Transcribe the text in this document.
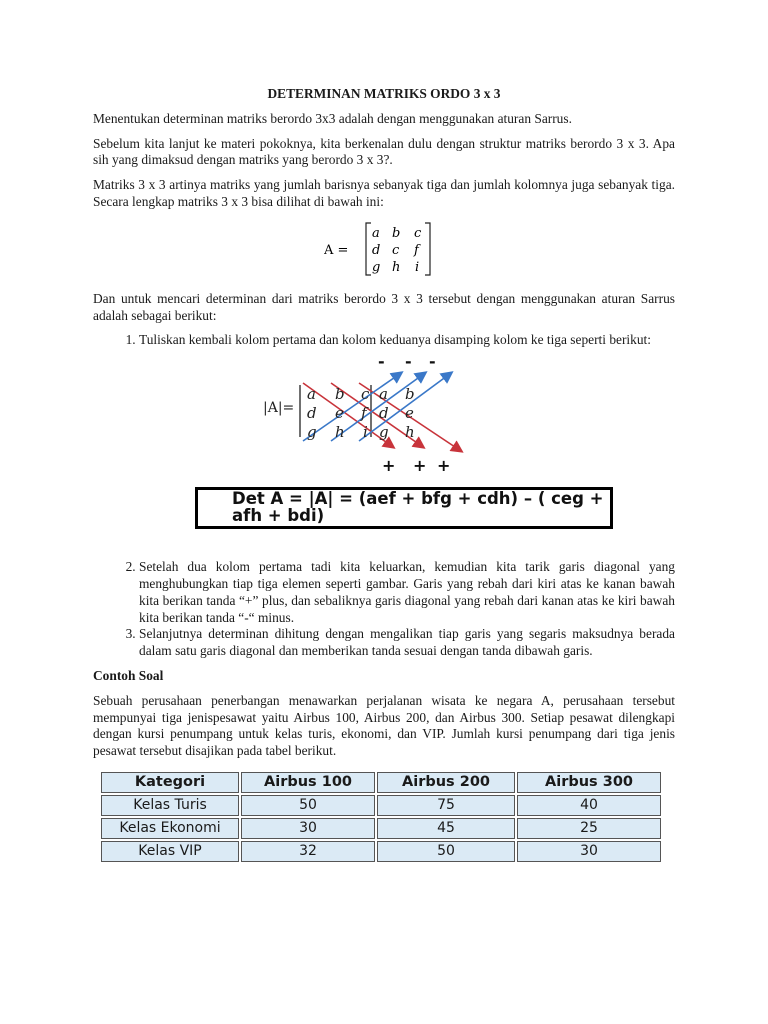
DETERMINAN MATRIKS ORDO 3 x 3

Menentukan determinan matriks berordo 3x3 adalah dengan menggunakan aturan Sarrus.

Sebelum kita lanjut ke materi pokoknya, kita berkenalan dulu dengan struktur matriks berordo 3 x 3. Apa sih yang dimaksud dengan matriks yang berordo 3 x 3?.

Matriks 3 x 3 artinya matriks yang jumlah barisnya sebanyak tiga dan jumlah kolomnya juga sebanyak tiga. Secara lengkap matriks 3 x 3 bisa dilihat di bawah ini:

A =
a b c
d c f
g h i

Dan untuk mencari determinan dari matriks berordo 3 x 3 tersebut dengan menggunakan aturan Sarrus adalah sebagai berikut:

1. Tuliskan kembali kolom pertama dan kolom keduanya disamping kolom ke tiga seperti berikut:
- - -
+ + +
|A|=
a b c a b
d e f d e
g h i g h
Det A = |A| = (aef + bfg + cdh) – ( ceg + afh + bdi)
2. Setelah dua kolom pertama tadi kita keluarkan, kemudian kita tarik garis diagonal yang menghubungkan tiap tiga elemen seperti gambar. Garis yang rebah dari kiri atas ke kanan bawah kita berikan tanda “+” plus, dan sebaliknya garis diagonal yang rebah dari kanan atas ke kiri bawah kita berikan tanda “-“ minus.
3. Selanjutnya determinan dihitung dengan mengalikan tiap garis yang segaris maksudnya berada dalam satu garis diagonal dan memberikan tanda sesuai dengan tanda dibawah garis.
Contoh Soal

Sebuah perusahaan penerbangan menawarkan perjalanan wisata ke negara A, perusahaan tersebut mempunyai tiga jenispesawat yaitu Airbus 100, Airbus 200, dan Airbus 300. Setiap pesawat dilengkapi dengan kursi penumpang untuk kelas turis, ekonomi, dan VIP. Jumlah kursi penumpang dari tiga jenis pesawat tersebut disajikan pada tabel berikut.

Kategori	Airbus 100	Airbus 200	Airbus 300
Kelas Turis	50	75	40
Kelas Ekonomi	30	45	25
Kelas VIP	32	50	30
